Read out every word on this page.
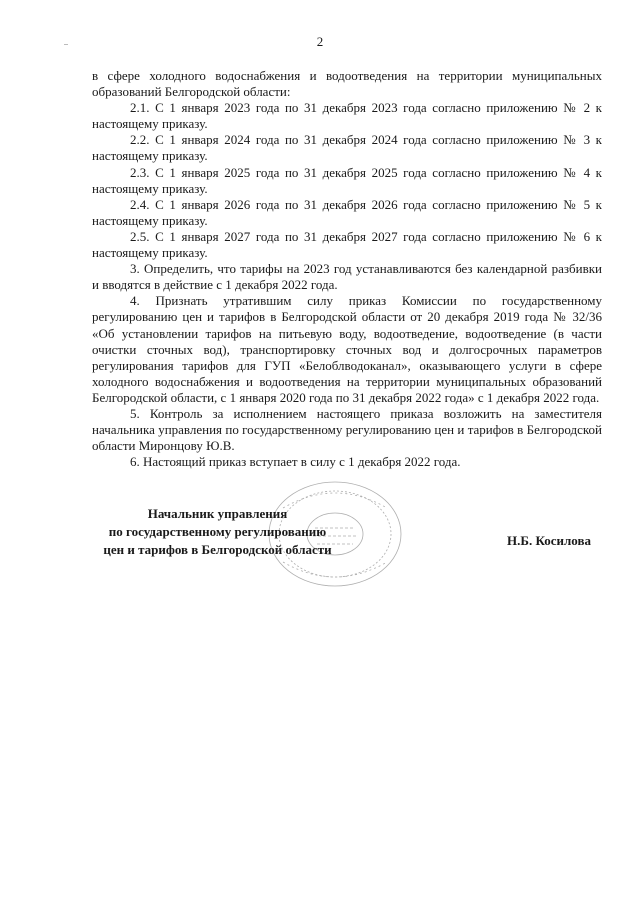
2

в сфере холодного водоснабжения и водоотведения на территории муниципальных образований Белгородской области:

2.1. С 1 января 2023 года по 31 декабря 2023 года согласно приложению № 2 к настоящему приказу.

2.2. С 1 января 2024 года по 31 декабря 2024 года согласно приложению № 3 к настоящему приказу.

2.3. С 1 января 2025 года по 31 декабря 2025 года согласно приложению № 4 к настоящему приказу.

2.4. С 1 января 2026 года по 31 декабря 2026 года согласно приложению № 5 к настоящему приказу.

2.5. С 1 января 2027 года по 31 декабря 2027 года согласно приложению № 6 к настоящему приказу.

3. Определить, что тарифы на 2023 год устанавливаются без календарной разбивки и вводятся в действие с 1 декабря 2022 года.

4. Признать утратившим силу приказ Комиссии по государственному регулированию цен и тарифов в Белгородской области от 20 декабря 2019 года № 32/36 «Об установлении тарифов на питьевую воду, водоотведение, водоотведение (в части очистки сточных вод), транспортировку сточных вод и долгосрочных параметров регулирования тарифов для ГУП «Белоблводоканал», оказывающего услуги в сфере холодного водоснабжения и водоотведения на территории муниципальных образований Белгородской области, с 1 января 2020 года по 31 декабря 2022 года» с 1 декабря 2022 года.

5. Контроль за исполнением настоящего приказа возложить на заместителя начальника управления по государственному регулированию цен и тарифов в Белгородской области Миронцову Ю.В.

6. Настоящий приказ вступает в силу с 1 декабря 2022 года.

Начальник управления
по государственному регулированию
цен и тарифов в Белгородской области
Н.Б. Косилова
